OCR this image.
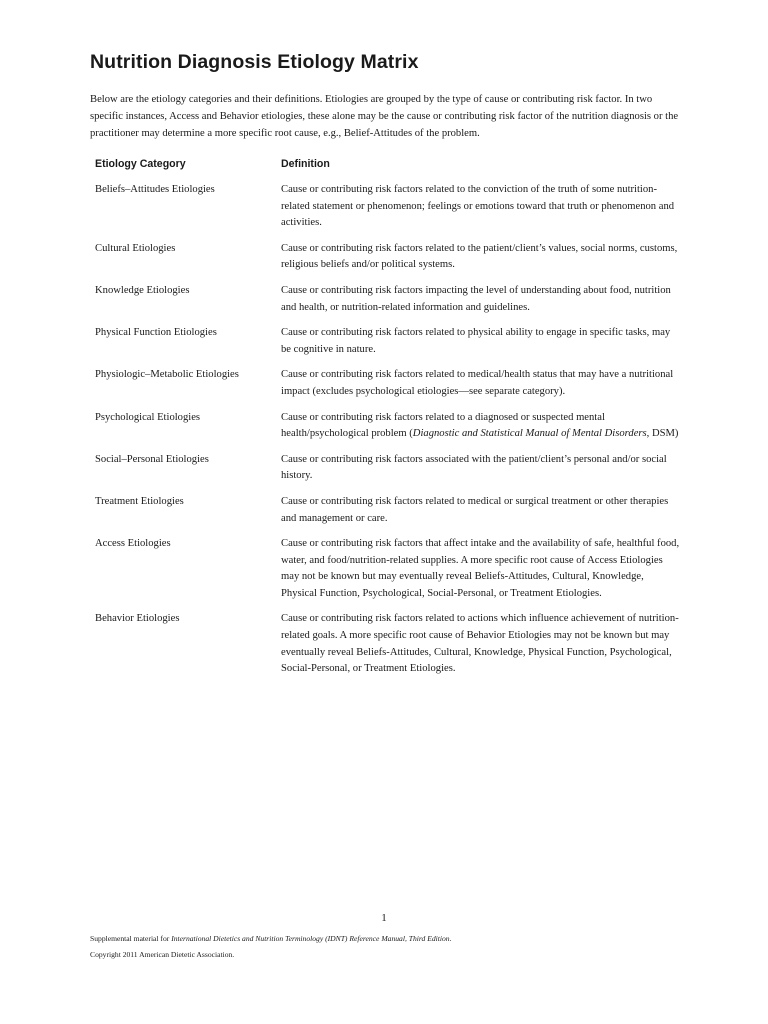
Nutrition Diagnosis Etiology Matrix

Below are the etiology categories and their definitions. Etiologies are grouped by the type of cause or contributing risk factor. In two specific instances, Access and Behavior etiologies, these alone may be the cause or contributing risk factor of the nutrition diagnosis or the practitioner may determine a more specific root cause, e.g., Belief-Attitudes of the problem.

Etiology Category	Definition
Beliefs–Attitudes Etiologies	Cause or contributing risk factors related to the conviction of the truth of some nutrition-related statement or phenomenon; feelings or emotions toward that truth or phenomenon and activities.
Cultural Etiologies	Cause or contributing risk factors related to the patient/client’s values, social norms, customs, religious beliefs and/or political systems.
Knowledge Etiologies	Cause or contributing risk factors impacting the level of understanding about food, nutrition and health, or nutrition-related information and guidelines.
Physical Function Etiologies	Cause or contributing risk factors related to physical ability to engage in specific tasks, may be cognitive in nature.
Physiologic–Metabolic Etiologies	Cause or contributing risk factors related to medical/health status that may have a nutritional impact (excludes psychological etiologies—see separate category).
Psychological Etiologies	Cause or contributing risk factors related to a diagnosed or suspected mental health/psychological problem (Diagnostic and Statistical Manual of Mental Disorders, DSM)
Social–Personal Etiologies	Cause or contributing risk factors associated with the patient/client’s personal and/or social history.
Treatment Etiologies	Cause or contributing risk factors related to medical or surgical treatment or other therapies and management or care.
Access Etiologies	Cause or contributing risk factors that affect intake and the availability of safe, healthful food, water, and food/nutrition-related supplies. A more specific root cause of Access Etiologies may not be known but may eventually reveal Beliefs-Attitudes, Cultural, Knowledge, Physical Function, Psychological, Social-Personal, or Treatment Etiologies.
Behavior Etiologies	Cause or contributing risk factors related to actions which influence achievement of nutrition-related goals. A more specific root cause of Behavior Etiologies may not be known but may eventually reveal Beliefs-Attitudes, Cultural, Knowledge, Physical Function, Psychological, Social-Personal, or Treatment Etiologies.
1
Supplemental material for International Dietetics and Nutrition Terminology (IDNT) Reference Manual, Third Edition.
Copyright 2011 American Dietetic Association.
